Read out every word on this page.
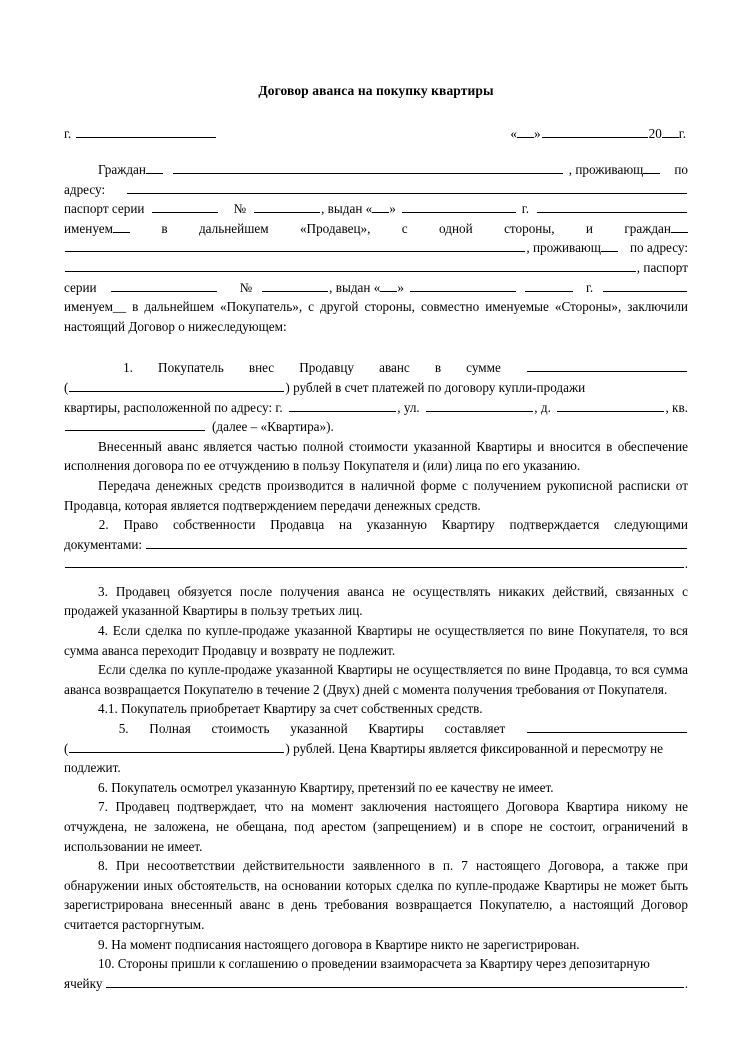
Договор аванса на покупку квартиры
г.	« »	20 г.
Граждан	, проживающ	по
адресу:
паспорт серии	№	, выдан « »	г.
именуем	в дальнейшем «Продавец», с одной стороны, и граждан
, проживающ	по адресу:
, паспорт
серии	№	, выдан « »	г.
именуем__ в дальнейшем «Покупатель», с другой стороны, совместно именуемые «Стороны», заключили настоящий Договор о нижеследующем:
1. Покупатель внес Продавцу аванс в сумме
(	) рублей в счет платежей по договору купли-продажи
квартиры, расположенной по адресу: г.	, ул.	, д.	, кв.
(далее – «Квартира»).
Внесенный аванс является частью полной стоимости указанной Квартиры и вносится в обеспечение исполнения договора по ее отчуждению в пользу Покупателя и (или) лица по его указанию.
Передача денежных средств производится в наличной форме с получением рукописной расписки от Продавца, которая является подтверждением передачи денежных средств.
2. Право собственности Продавца на указанную Квартиру подтверждается следующими
документами:
.
3. Продавец обязуется после получения аванса не осуществлять никаких действий, связанных с продажей указанной Квартиры в пользу третьих лиц.
4. Если сделка по купле-продаже указанной Квартиры не осуществляется по вине Покупателя, то вся сумма аванса переходит Продавцу и возврату не подлежит.
Если сделка по купле-продаже указанной Квартиры не осуществляется по вине Продавца, то вся сумма аванса возвращается Покупателю в течение 2 (Двух) дней с момента получения требования от Покупателя.
4.1. Покупатель приобретает Квартиру за счет собственных средств.
5. Полная стоимость указанной Квартиры составляет
(	) рублей. Цена Квартиры является фиксированной и пересмотру не
подлежит.
6. Покупатель осмотрел указанную Квартиру, претензий по ее качеству не имеет.
7. Продавец подтверждает, что на момент заключения настоящего Договора Квартира никому не отчуждена, не заложена, не обещана, под арестом (запрещением) и в споре не состоит, ограничений в использовании не имеет.
8. При несоответствии действительности заявленного в п. 7 настоящего Договора, а также при обнаружении иных обстоятельств, на основании которых сделка по купле-продаже Квартиры не может быть зарегистрирована внесенный аванс в день требования возвращается Покупателю, а настоящий Договор считается расторгнутым.
9. На момент подписания настоящего договора в Квартире никто не зарегистрирован.
10. Стороны пришли к соглашению о проведении взаиморасчета за Квартиру через депозитарную
ячейку	.
